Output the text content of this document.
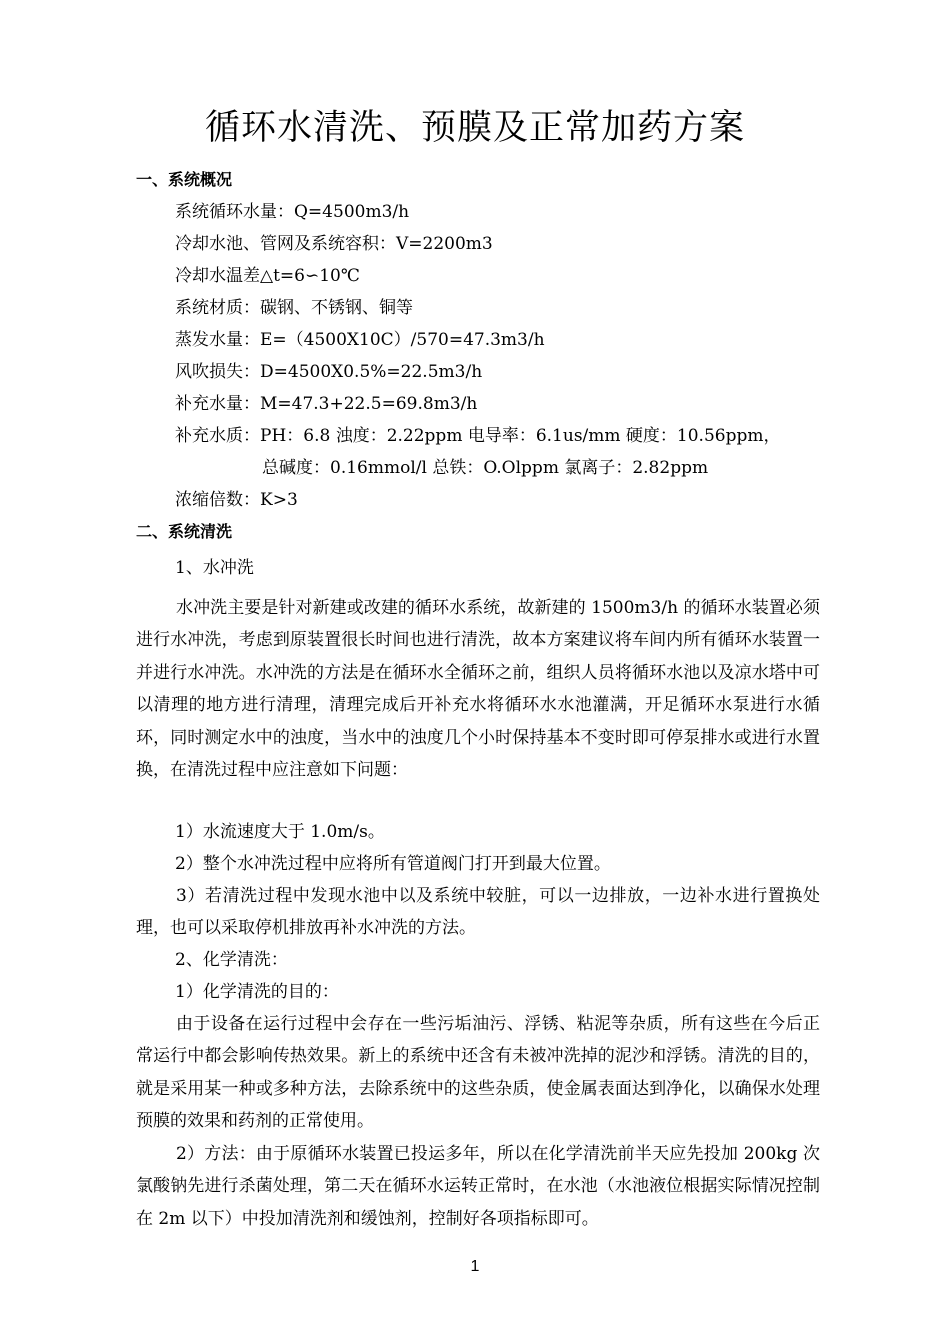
循环水清洗、预膜及正常加药方案
一、系统概况
系统循环水量：Q=4500m3/h
冷却水池、管网及系统容积：V=2200m3
冷却水温差△t=6∽10℃
系统材质：碳钢、不锈钢、铜等
蒸发水量：E=（4500Ⅹ10C）/570=47.3m3/h
风吹损失：D=4500Ⅹ0.5%=22.5m3/h
补充水量：M=47.3+22.5=69.8m3/h
补充水质：PH：6.8 浊度：2.22ppm 电导率：6.1us/mm 硬度：10.56ppm，
总碱度：0.16mmol/l 总铁：O.Olppm 氯离子：2.82ppm
浓缩倍数：K>3
二、系统清洗
1、水冲洗
水冲洗主要是针对新建或改建的循环水系统，故新建的 1500m3/h 的循环水装置必须进行水冲洗，考虑到原装置很长时间也进行清洗，故本方案建议将车间内所有循环水装置一并进行水冲洗。水冲洗的方法是在循环水全循环之前，组织人员将循环水池以及凉水塔中可以清理的地方进行清理，清理完成后开补充水将循环水水池灌满，开足循环水泵进行水循环，同时测定水中的浊度，当水中的浊度几个小时保持基本不变时即可停泵排水或进行水置换，在清洗过程中应注意如下问题：
1）水流速度大于 1.0m/s。
2）整个水冲洗过程中应将所有管道阀门打开到最大位置。
3）若清洗过程中发现水池中以及系统中较脏，可以一边排放，一边补水进行置换处理，也可以采取停机排放再补水冲洗的方法。
2、化学清洗：
1）化学清洗的目的：
由于设备在运行过程中会存在一些污垢油污、浮锈、粘泥等杂质，所有这些在今后正常运行中都会影响传热效果。新上的系统中还含有未被冲洗掉的泥沙和浮锈。清洗的目的，就是采用某一种或多种方法，去除系统中的这些杂质，使金属表面达到净化，以确保水处理预膜的效果和药剂的正常使用。
2）方法：由于原循环水装置已投运多年，所以在化学清洗前半天应先投加 200kg 次氯酸钠先进行杀菌处理，第二天在循环水运转正常时，在水池（水池液位根据实际情况控制在 2m 以下）中投加清洗剂和缓蚀剂，控制好各项指标即可。
1
